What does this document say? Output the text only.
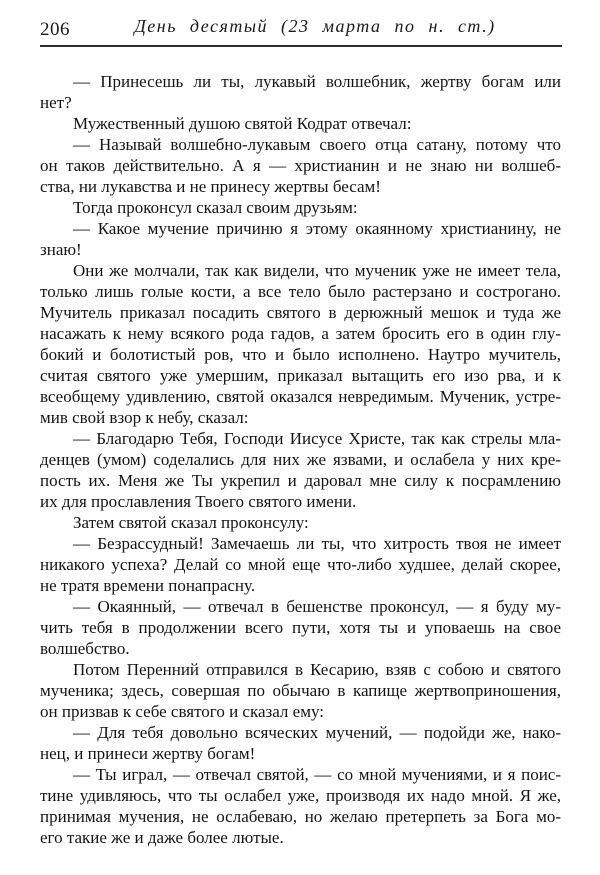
206	День десятый (23 марта по н. ст.)
— Принесешь ли ты, лукавый волшебник, жертву богам или
нет?
Мужественный душою святой Кодрат отвечал:
— Называй волшебно-лукавым своего отца сатану, потому что
он таков действительно. А я — христианин и не знаю ни волшеб-
ства, ни лукавства и не принесу жертвы бесам!
Тогда проконсул сказал своим друзьям:
— Какое мучение причиню я этому окаянному христианину, не
знаю!
Они же молчали, так как видели, что мученик уже не имеет тела,
только лишь голые кости, а все тело было растерзано и сострогано.
Мучитель приказал посадить святого в дерюжный мешок и туда же
насажать к нему всякого рода гадов, а затем бросить его в один глу-
бокий и болотистый ров, что и было исполнено. Наутро мучитель,
считая святого уже умершим, приказал вытащить его изо рва, и к
всеобщему удивлению, святой оказался невредимым. Мученик, устре-
мив свой взор к небу, сказал:
— Благодарю Тебя, Господи Иисусе Христе, так как стрелы мла-
денцев (умом) соделались для них же язвами, и ослабела у них кре-
пость их. Меня же Ты укрепил и даровал мне силу к посрамлению
их для прославления Твоего святого имени.
Затем святой сказал проконсулу:
— Безрассудный! Замечаешь ли ты, что хитрость твоя не имеет
никакого успеха? Делай со мной еще что-либо худшее, делай скорее,
не тратя времени понапрасну.
— Окаянный, — отвечал в бешенстве проконсул, — я буду му-
чить тебя в продолжении всего пути, хотя ты и уповаешь на свое
волшебство.
Потом Перенний отправился в Кесарию, взяв с собою и святого
мученика; здесь, совершая по обычаю в капище жертвоприношения,
он призвав к себе святого и сказал ему:
— Для тебя довольно всяческих мучений, — подойди же, нако-
нец, и принеси жертву богам!
— Ты играл, — отвечал святой, — со мной мучениями, и я поис-
тине удивляюсь, что ты ослабел уже, производя их надо мной. Я же,
принимая мучения, не ослабеваю, но желаю претерпеть за Бога мо-
его такие же и даже более лютые.
